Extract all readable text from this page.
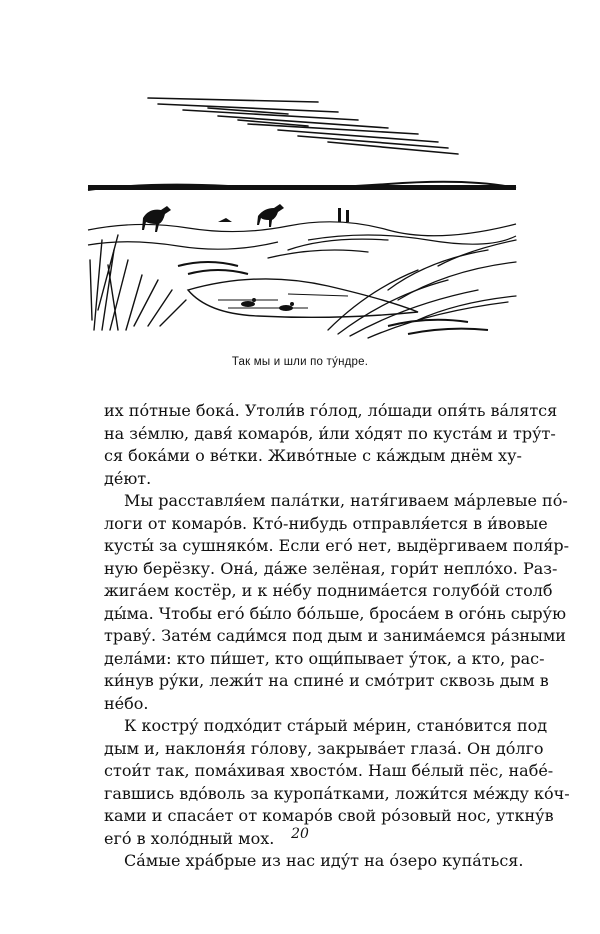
Так мы и шли по ту́ндре.
их по́тные бока́. Утоли́в го́лод, ло́шади опя́ть ва́лятся
на зе́млю, давя́ комаро́в, и́ли хо́дят по куста́м и тру́т-
ся бока́ми о ве́тки. Живо́тные с ка́ждым днём ху-
де́ют.
Мы расставля́ем пала́тки, натя́гиваем ма́рлевые по́-
логи от комаро́в. Кто́-нибудь отправля́ется в и́вовые
кусты́ за сушняко́м. Если его́ нет, выдёргиваем поля́р-
ную берёзку. Она́, да́же зелёная, гори́т непло́хо. Раз-
жига́ем костёр, и к не́бу поднима́ется голубо́й столб
ды́ма. Чтобы его́ бы́ло бо́льше, броса́ем в ого́нь сыру́ю
траву́. Зате́м сади́мся под дым и занима́емся ра́зными
дела́ми: кто пи́шет, кто ощи́пывает у́ток, а кто, рас-
ки́нув ру́ки, лежи́т на спине́ и смо́трит сквозь дым в
не́бо.
К костру́ подхо́дит ста́рый ме́рин, стано́вится под
дым и, наклоня́я го́лову, закрыва́ет глаза́. Он до́лго
стои́т так, пома́хивая хвосто́м. Наш бе́лый пёс, набе́-
гавшись вдо́воль за куропа́тками, ложи́тся ме́жду ко́ч-
ками и спаса́ет от комаро́в свой ро́зовый нос, уткну́в
его́ в холо́дный мох.
Са́мые хра́брые из нас иду́т на о́зеро купа́ться.
20
